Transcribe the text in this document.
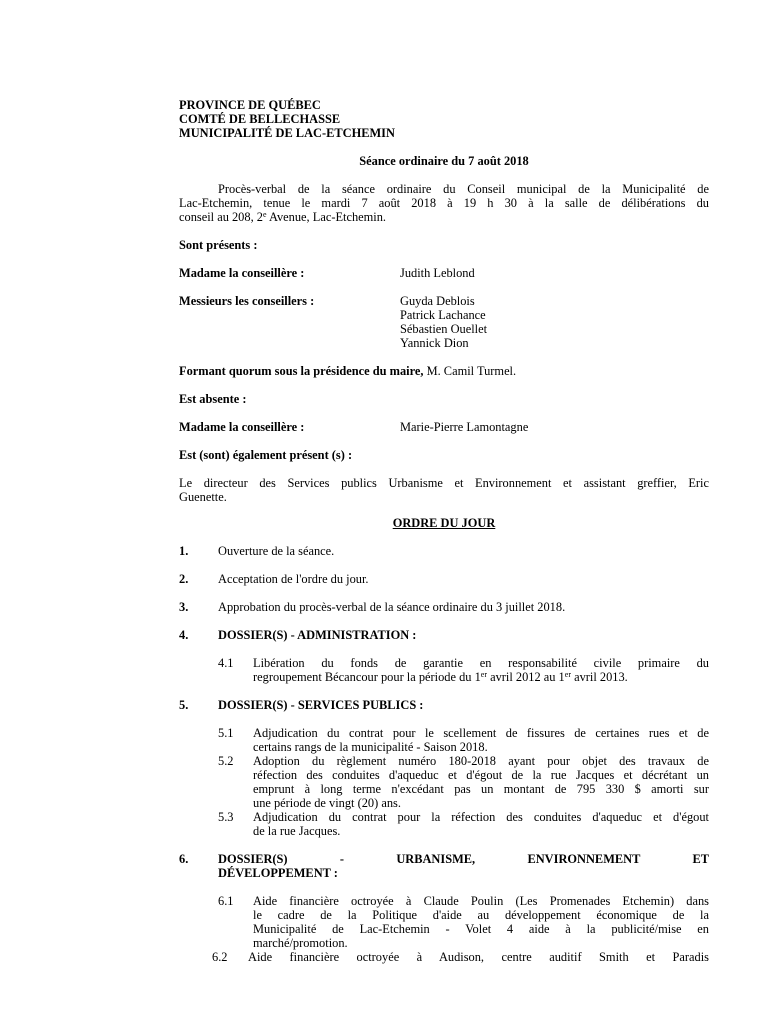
PROVINCE DE QUÉBEC
COMTÉ DE BELLECHASSE
MUNICIPALITÉ DE LAC-ETCHEMIN
Séance ordinaire du 7 août 2018
Procès-verbal de la séance ordinaire du Conseil municipal de la Municipalité de
Lac-Etchemin, tenue le mardi 7 août 2018 à 19 h 30 à la salle de délibérations du
conseil au 208, 2e Avenue, Lac-Etchemin.
Sont présents :
Madame la conseillère :	Judith Leblond
Messieurs les conseillers :	Guyda Deblois
Patrick Lachance
Sébastien Ouellet
Yannick Dion
Formant quorum sous la présidence du maire, M. Camil Turmel.
Est absente :
Madame la conseillère :	Marie-Pierre Lamontagne
Est (sont) également présent (s) :
Le directeur des Services publics Urbanisme et Environnement et assistant greffier, Eric
Guenette.
ORDRE DU JOUR
1. Ouverture de la séance.
2. Acceptation de l'ordre du jour.
3. Approbation du procès-verbal de la séance ordinaire du 3 juillet 2018.
4. DOSSIER(S) - ADMINISTRATION :
4.1 Libération du fonds de garantie en responsabilité civile primaire du
regroupement Bécancour pour la période du 1er avril 2012 au 1er avril 2013.
5. DOSSIER(S) - SERVICES PUBLICS :
5.1 Adjudication du contrat pour le scellement de fissures de certaines rues et de
certains rangs de la municipalité - Saison 2018.
5.2 Adoption du règlement numéro 180-2018 ayant pour objet des travaux de
réfection des conduites d'aqueduc et d'égout de la rue Jacques et décrétant un
emprunt à long terme n'excédant pas un montant de 795 330 $ amorti sur
une période de vingt (20) ans.
5.3 Adjudication du contrat pour la réfection des conduites d'aqueduc et d'égout
de la rue Jacques.
6. DOSSIER(S) - URBANISME, ENVIRONNEMENT ET
DÉVELOPPEMENT :
6.1 Aide financière octroyée à Claude Poulin (Les Promenades Etchemin) dans
le cadre de la Politique d'aide au développement économique de la
Municipalité de Lac-Etchemin - Volet 4 aide à la publicité/mise en
marché/promotion.
6.2 Aide financière octroyée à Audison, centre auditif Smith et Paradis
